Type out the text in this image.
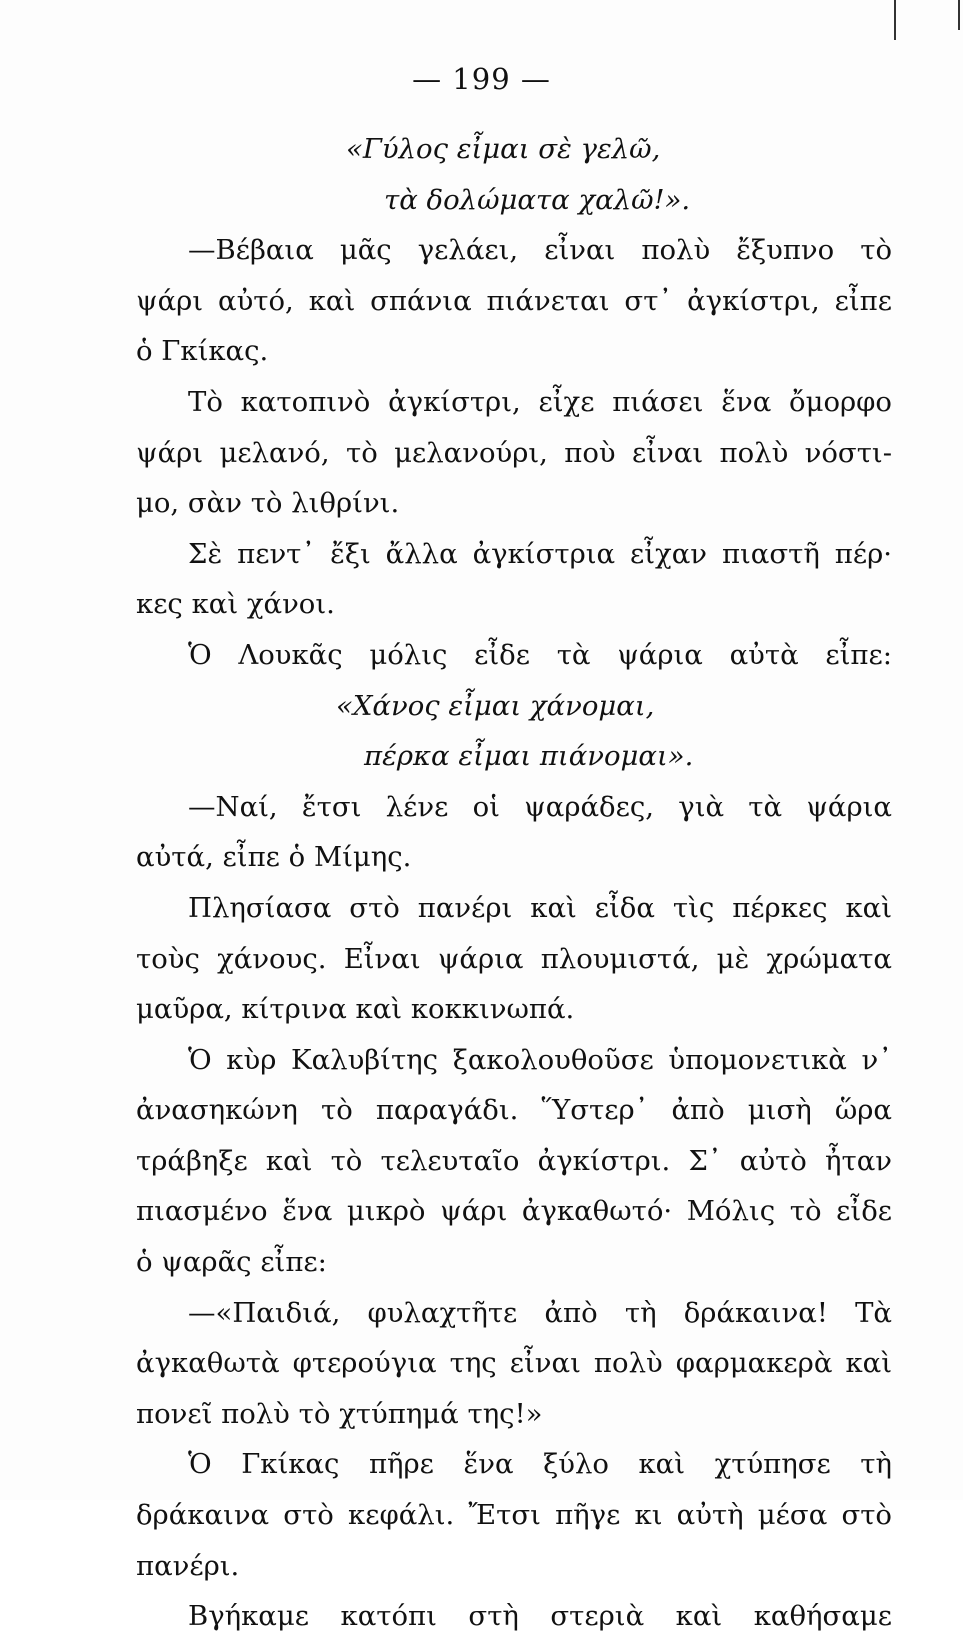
— 199 —
«Γύλος εἶμαι σὲ γελῶ,
τὰ δολώματα χαλῶ!».
—Βέβαια μᾶς γελάει, εἶναι πολὺ ἔξυπνο τὸ
ψάρι αὐτό, καὶ σπάνια πιάνεται στ᾽ ἀγκίστρι, εἶπε
ὁ Γκίκας.
Τὸ κατοπινὸ ἀγκίστρι, εἶχε πιάσει ἕνα ὄμορφο
ψάρι μελανό, τὸ μελανούρι, ποὺ εἶναι πολὺ νόστι-
μο, σὰν τὸ λιθρίνι.
Σὲ πεντ᾽ ἔξι ἄλλα ἀγκίστρια εἶχαν πιαστῆ πέρ·
κες καὶ χάνοι.
Ὁ Λουκᾶς μόλις εἶδε τὰ ψάρια αὐτὰ εἶπε:
«Χάνος εἶμαι χάνομαι,
πέρκα εἶμαι πιάνομαι».
—Ναί, ἔτσι λένε οἱ ψαράδες, γιὰ τὰ ψάρια
αὐτά, εἶπε ὁ Μίμης.
Πλησίασα στὸ πανέρι καὶ εἶδα τὶς πέρκες καὶ
τοὺς χάνους. Εἶναι ψάρια πλουμιστά, μὲ χρώματα
μαῦρα, κίτρινα καὶ κοκκινωπά.
Ὁ κὺρ Καλυβίτης ξακολουθοῦσε ὑπομονετικὰ ν᾽
ἀνασηκώνη τὸ παραγάδι. Ὕστερ᾽ ἀπὸ μισὴ ὥρα
τράβηξε καὶ τὸ τελευταῖο ἀγκίστρι. Σ᾽ αὐτὸ ἦταν
πιασμένο ἕνα μικρὸ ψάρι ἀγκαθωτό· Μόλις τὸ εἶδε
ὁ ψαρᾶς εἶπε:
—«Παιδιά, φυλαχτῆτε ἀπὸ τὴ δράκαινα! Τὰ
ἀγκαθωτὰ φτερούγια της εἶναι πολὺ φαρμακερὰ καὶ
πονεῖ πολὺ τὸ χτύπημά της!»
Ὁ Γκίκας πῆρε ἕνα ξύλο καὶ χτύπησε τὴ
δράκαινα στὸ κεφάλι. Ἔτσι πῆγε κι αὐτὴ μέσα στὸ
πανέρι.
Βγήκαμε κατόπι στὴ στεριὰ καὶ καθήσαμε
